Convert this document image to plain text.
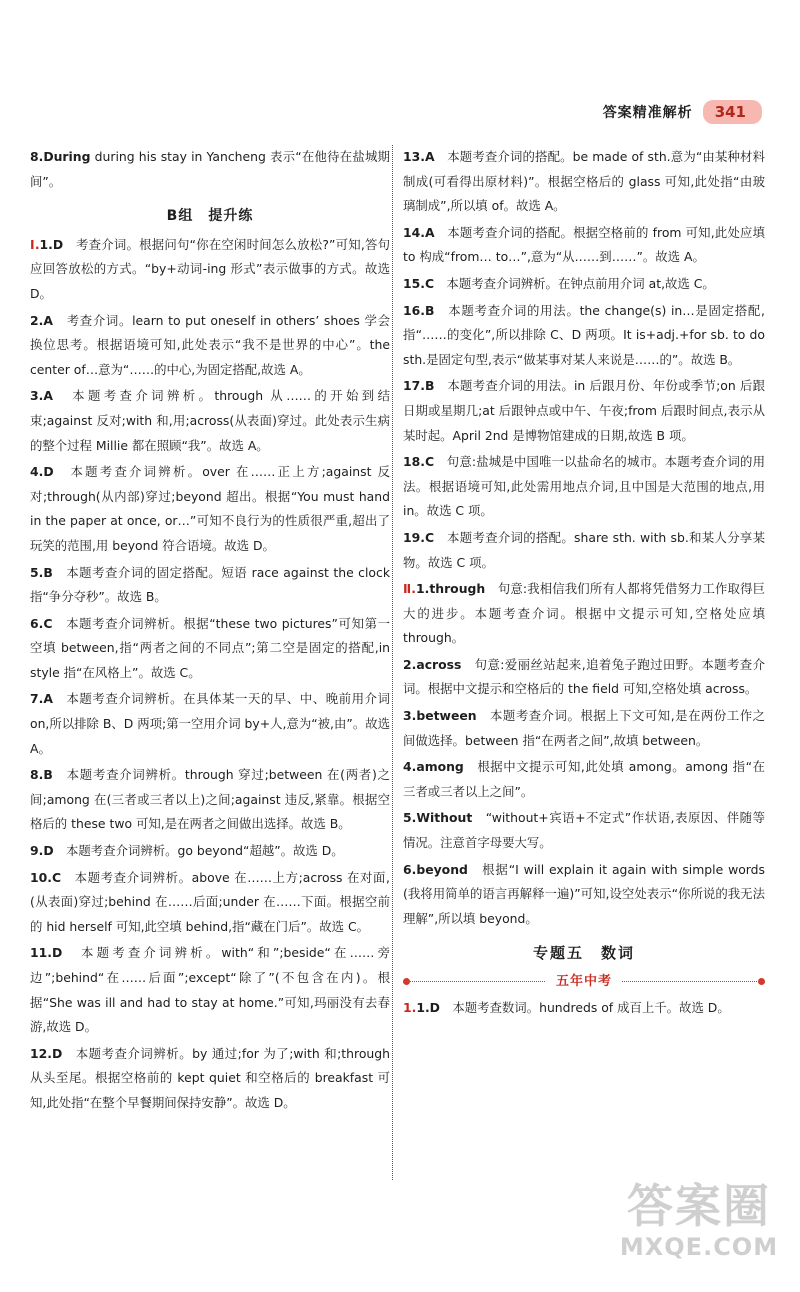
答案精准解析	341

8.During during his stay in Yancheng 表示“在他待在盐城期间”。

B组　提升练

Ⅰ.1.D　考查介词。根据问句“你在空闲时间怎么放松?”可知,答句应回答放松的方式。“by+动词-ing 形式”表示做事的方式。故选 D。

2.A　考查介词。learn to put oneself in others’ shoes 学会换位思考。根据语境可知,此处表示“我不是世界的中心”。the center of…意为“……的中心,为固定搭配,故选 A。

3.A　本题考查介词辨析。through 从……的开始到结束;against 反对;with 和,用;across(从表面)穿过。此处表示生病的整个过程 Millie 都在照顾“我”。故选 A。

4.D　本题考查介词辨析。over 在……正上方;against 反对;through(从内部)穿过;beyond 超出。根据“You must hand in the paper at once, or…”可知不良行为的性质很严重,超出了玩笑的范围,用 beyond 符合语境。故选 D。

5.B　本题考查介词的固定搭配。短语 race against the clock 指“争分夺秒”。故选 B。

6.C　本题考查介词辨析。根据“these two pictures”可知第一空填 between,指“两者之间的不同点”;第二空是固定的搭配,in style 指“在风格上”。故选 C。

7.A　本题考查介词辨析。在具体某一天的早、中、晚前用介词 on,所以排除 B、D 两项;第一空用介词 by+人,意为“被,由”。故选 A。

8.B　本题考查介词辨析。through 穿过;between 在(两者)之间;among 在(三者或三者以上)之间;against 违反,紧靠。根据空格后的 these two 可知,是在两者之间做出选择。故选 B。

9.D　本题考查介词辨析。go beyond“超越”。故选 D。

10.C　本题考查介词辨析。above 在……上方;across 在对面,(从表面)穿过;behind 在……后面;under 在……下面。根据空前的 hid herself 可知,此空填 behind,指“藏在门后”。故选 C。

11.D　本题考查介词辨析。with“和”;beside“在……旁边”;behind“在……后面”;except“除了”(不包含在内)。根据“She was ill and had to stay at home.”可知,玛丽没有去春游,故选 D。

12.D　本题考查介词辨析。by 通过;for 为了;with 和;through 从头至尾。根据空格前的 kept quiet 和空格后的 breakfast 可知,此处指“在整个早餐期间保持安静”。故选 D。

13.A　本题考查介词的搭配。be made of sth.意为“由某种材料制成(可看得出原材料)”。根据空格后的 glass 可知,此处指“由玻璃制成”,所以填 of。故选 A。

14.A　本题考查介词的搭配。根据空格前的 from 可知,此处应填 to 构成“from… to…”,意为“从……到……”。故选 A。

15.C　本题考查介词辨析。在钟点前用介词 at,故选 C。

16.B　本题考查介词的用法。the change(s) in…是固定搭配,指“……的变化”,所以排除 C、D 两项。It is+adj.+for sb. to do sth.是固定句型,表示“做某事对某人来说是……的”。故选 B。

17.B　本题考查介词的用法。in 后跟月份、年份或季节;on 后跟日期或星期几;at 后跟钟点或中午、午夜;from 后跟时间点,表示从某时起。April 2nd 是博物馆建成的日期,故选 B 项。

18.C　句意:盐城是中国唯一以盐命名的城市。本题考查介词的用法。根据语境可知,此处需用地点介词,且中国是大范围的地点,用 in。故选 C 项。

19.C　本题考查介词的搭配。share sth. with sb.和某人分享某物。故选 C 项。

Ⅱ.1.through　句意:我相信我们所有人都将凭借努力工作取得巨大的进步。本题考查介词。根据中文提示可知,空格处应填 through。

2.across　句意:爱丽丝站起来,追着兔子跑过田野。本题考查介词。根据中文提示和空格后的 the field 可知,空格处填 across。

3.between　本题考查介词。根据上下文可知,是在两份工作之间做选择。between 指“在两者之间”,故填 between。

4.among　根据中文提示可知,此处填 among。among 指“在三者或三者以上之间”。

5.Without　“without+宾语+不定式”作状语,表原因、伴随等情况。注意首字母要大写。

6.beyond　根据“I will explain it again with simple words (我将用简单的语言再解释一遍)”可知,设空处表示“你所说的我无法理解”,所以填 beyond。

专题五　数词
五年中考

1.1.D　本题考查数词。hundreds of 成百上千。故选 D。

答案圈
MXQE.COM
